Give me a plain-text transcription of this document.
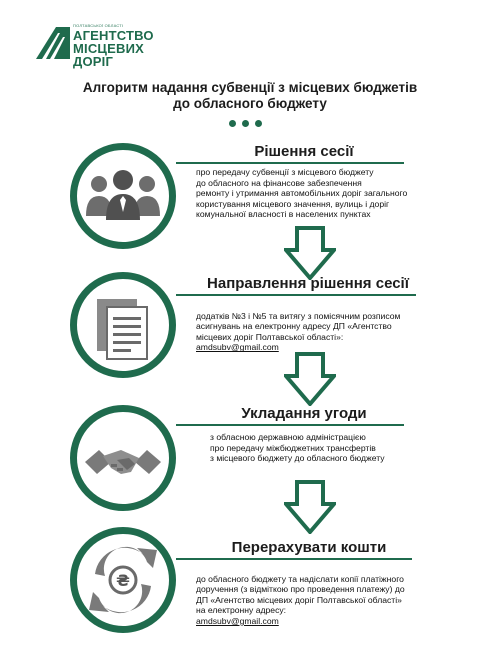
ПОЛТАВСЬКОЇ ОБЛАСТІ
АГЕНТСТВО
МІСЦЕВИХ
ДОРІГ
Алгоритм надання субвенції з місцевих бюджетів до обласного бюджету
Рішення сесії
про передачу субвенції з місцевого бюджету
до обласного на фінансове забезпечення
ремонту і утримання автомобільних доріг загального
користування місцевого значення, вулиць і доріг
комунальної власності в населених пунктах
Направлення рішення сесії

додатків №3 і №5 та витягу з помісячним розписом
асигнувань на електронну адресу ДП «Агентство
місцевих доріг Полтавської області»:

amdsubv@gmail.com

Укладання угоди
з обласною державною адміністрацією
про передачу міжбюджетних трансфертів
з місцевого бюджету до обласного бюджету
₴
Перерахувати кошти

до обласного бюджету та надіслати копії платіжного
доручення (з відміткою про проведення платежу) до
ДП «Агентство місцевих доріг Полтавської області»
на електронну адресу:
amdsubv@gmail.com
